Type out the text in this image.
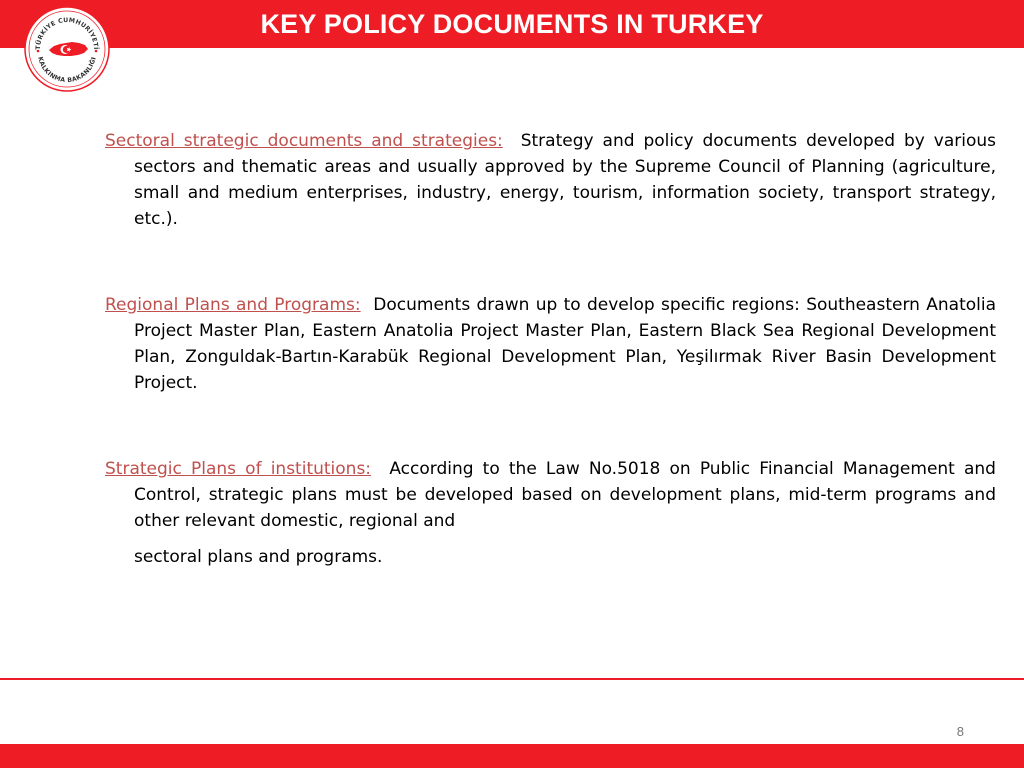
KEY POLICY DOCUMENTS IN TURKEY
TÜRKİYE CUMHURİYETİ
KALKINMA BAKANLIĞI

Sectoral strategic documents and strategies: Strategy and policy documents developed by various sectors and thematic areas and usually approved by the Supreme Council of Planning (agriculture, small and medium enterprises, industry, energy, tourism, information society, transport strategy, etc.).

Regional Plans and Programs: Documents drawn up to develop specific regions: Southeastern Anatolia Project Master Plan, Eastern Anatolia Project Master Plan, Eastern Black Sea Regional Development Plan, Zonguldak-Bartın-Karabük Regional Development Plan, Yeşilırmak River Basin Development Project.

Strategic Plans of institutions: According to the Law No.5018 on Public Financial Management and Control, strategic plans must be developed based on development plans, mid-term programs and other relevant domestic, regional and
sectoral plans and programs.

8
